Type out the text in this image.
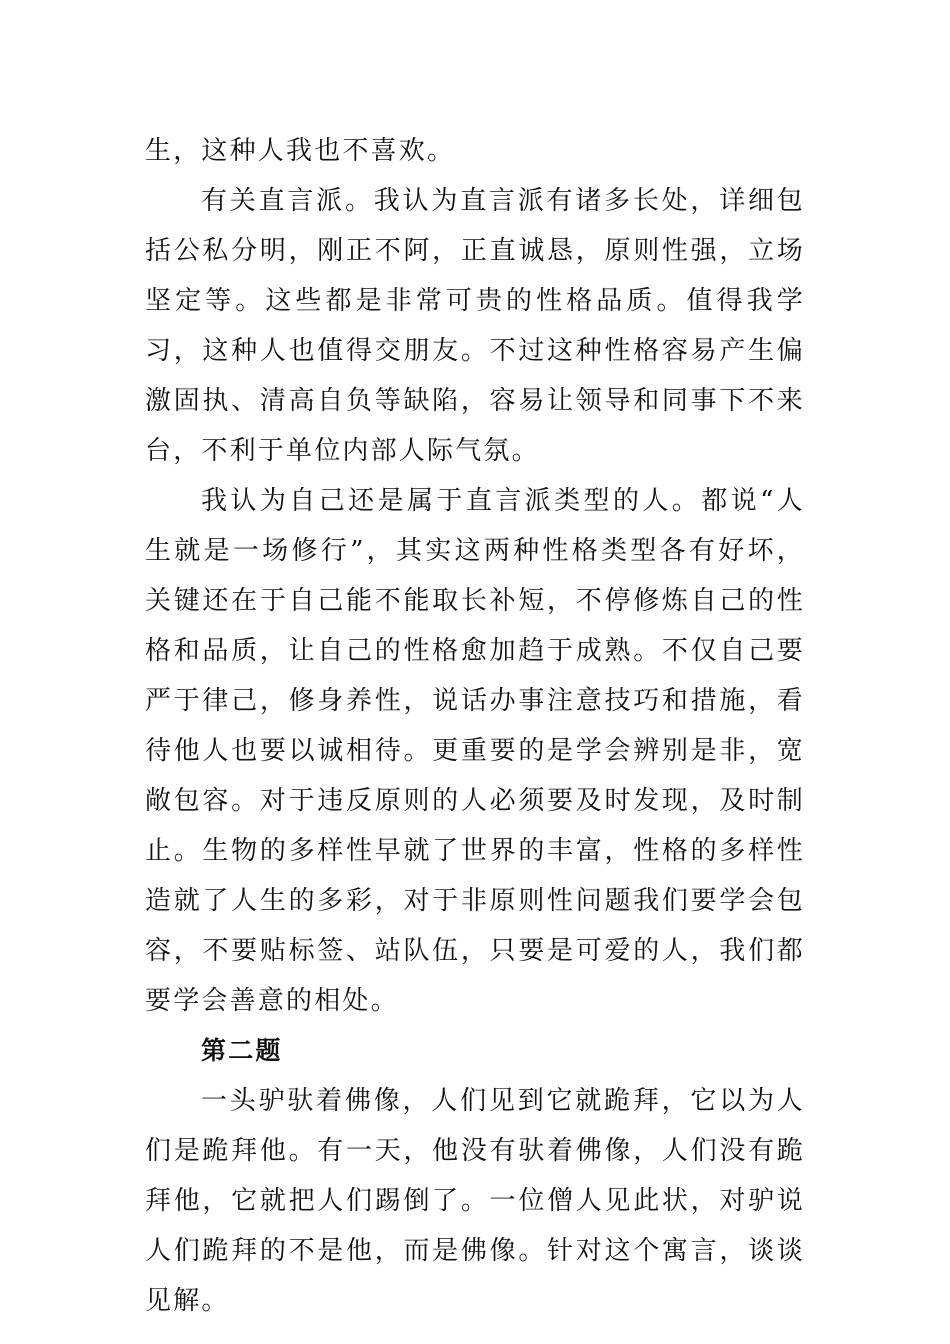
生，这种人我也不喜欢。

有关直言派。我认为直言派有诸多长处，详细包括公私分明，刚正不阿，正直诚恳，原则性强，立场坚定等。这些都是非常可贵的性格品质。值得我学习，这种人也值得交朋友。不过这种性格容易产生偏激固执、清高自负等缺陷，容易让领导和同事下不来台，不利于单位内部人际气氛。

我认为自己还是属于直言派类型的人。都说“人生就是一场修行”，其实这两种性格类型各有好坏，关键还在于自己能不能取长补短，不停修炼自己的性格和品质，让自己的性格愈加趋于成熟。不仅自己要严于律己，修身养性，说话办事注意技巧和措施，看待他人也要以诚相待。更重要的是学会辨别是非，宽敞包容。对于违反原则的人必须要及时发现，及时制止。生物的多样性早就了世界的丰富，性格的多样性造就了人生的多彩，对于非原则性问题我们要学会包容，不要贴标签、站队伍，只要是可爱的人，我们都要学会善意的相处。

第二题

一头驴驮着佛像，人们见到它就跪拜，它以为人们是跪拜他。有一天，他没有驮着佛像，人们没有跪拜他，它就把人们踢倒了。一位僧人见此状，对驴说人们跪拜的不是他，而是佛像。针对这个寓言，谈谈见解。
